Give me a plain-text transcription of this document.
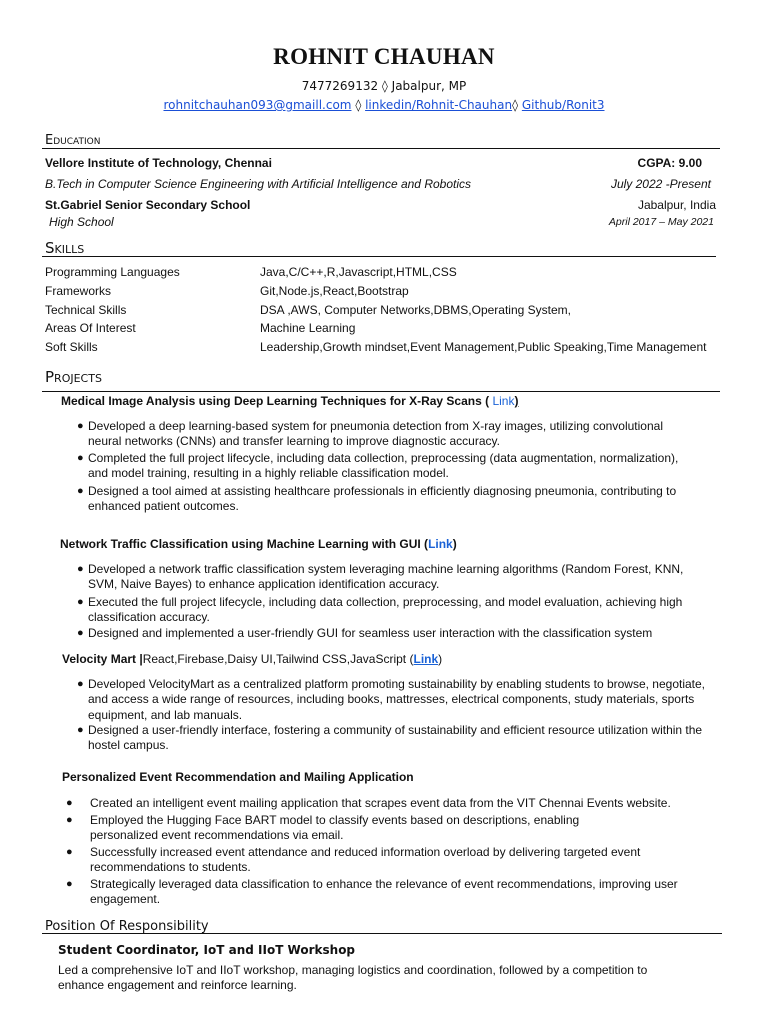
ROHNIT CHAUHAN
7477269132 ◊ Jabalpur, MP
rohnitchauhan093@gmaill.com ◊ linkedin/Rohnit-Chauhan◊ Github/Ronit3
Education
Vellore Institute of Technology, Chennai	CGPA: 9.00
B.Tech in Computer Science Engineering with Artificial Intelligence and Robotics	July 2022 -Present
St.Gabriel Senior Secondary School	Jabalpur, India
High School	April 2017 – May 2021
Skills
Programming Languages	Java,C/C++,R,Javascript,HTML,CSS
Frameworks	Git,Node.js,React,Bootstrap
Technical Skills	DSA ,AWS, Computer Networks,DBMS,Operating System,
Areas Of Interest	Machine Learning
Soft Skills	Leadership,Growth mindset,Event Management,Public Speaking,Time Management
Projects
Medical Image Analysis using Deep Learning Techniques for X-Ray Scans ( Link)
● Developed a deep learning-based system for pneumonia detection from X-ray images, utilizing convolutional
neural networks (CNNs) and transfer learning to improve diagnostic accuracy.
● Completed the full project lifecycle, including data collection, preprocessing (data augmentation, normalization),
and model training, resulting in a highly reliable classification model.
● Designed a tool aimed at assisting healthcare professionals in efficiently diagnosing pneumonia, contributing to
enhanced patient outcomes.
Network Traffic Classification using Machine Learning with GUI (Link)
● Developed a network traffic classification system leveraging machine learning algorithms (Random Forest, KNN,
SVM, Naive Bayes) to enhance application identification accuracy.
● Executed the full project lifecycle, including data collection, preprocessing, and model evaluation, achieving high
classification accuracy.
● Designed and implemented a user-friendly GUI for seamless user interaction with the classification system
Velocity Mart |React,Firebase,Daisy UI,Tailwind CSS,JavaScript (Link)
● Developed VelocityMart as a centralized platform promoting sustainability by enabling students to browse, negotiate,
and access a wide range of resources, including books, mattresses, electrical components, study materials, sports
equipment, and lab manuals.
● Designed a user-friendly interface, fostering a community of sustainability and efficient resource utilization within the
hostel campus.
Personalized Event Recommendation and Mailing Application
● Created an intelligent event mailing application that scrapes event data from the VIT Chennai Events website.
● Employed the Hugging Face BART model to classify events based on descriptions, enabling
personalized event recommendations via email.
● Successfully increased event attendance and reduced information overload by delivering targeted event
recommendations to students.
● Strategically leveraged data classification to enhance the relevance of event recommendations, improving user
engagement.
Position Of Responsibility
Student Coordinator, IoT and IIoT Workshop
Led a comprehensive IoT and IIoT workshop, managing logistics and coordination, followed by a competition to
enhance engagement and reinforce learning.
